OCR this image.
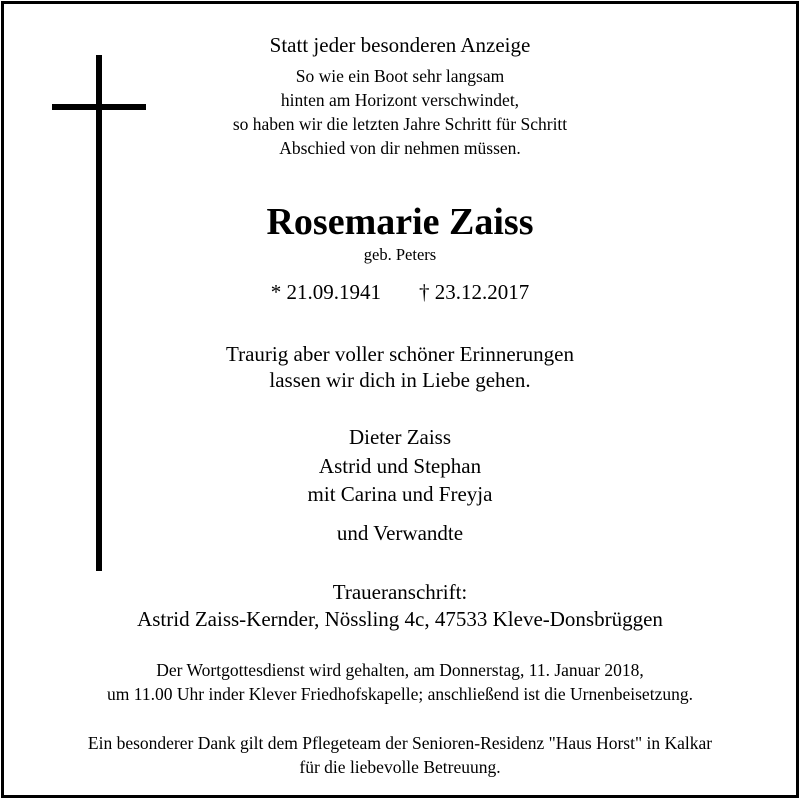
Statt jeder besonderen Anzeige
So wie ein Boot sehr langsam
hinten am Horizont verschwindet,
so haben wir die letzten Jahre Schritt für Schritt
Abschied von dir nehmen müssen.
Rosemarie Zaiss
geb. Peters
* 21.09.1941 † 23.12.2017
Traurig aber voller schöner Erinnerungen
lassen wir dich in Liebe gehen.
Dieter Zaiss
Astrid und Stephan
mit Carina und Freyja
und Verwandte
Traueranschrift:
Astrid Zaiss-Kernder, Nössling 4c, 47533 Kleve-Donsbrüggen
Der Wortgottesdienst wird gehalten, am Donnerstag, 11. Januar 2018,
um 11.00 Uhr inder Klever Friedhofskapelle; anschließend ist die Urnenbeisetzung.
Ein besonderer Dank gilt dem Pflegeteam der Senioren-Residenz "Haus Horst" in Kalkar
für die liebevolle Betreuung.
